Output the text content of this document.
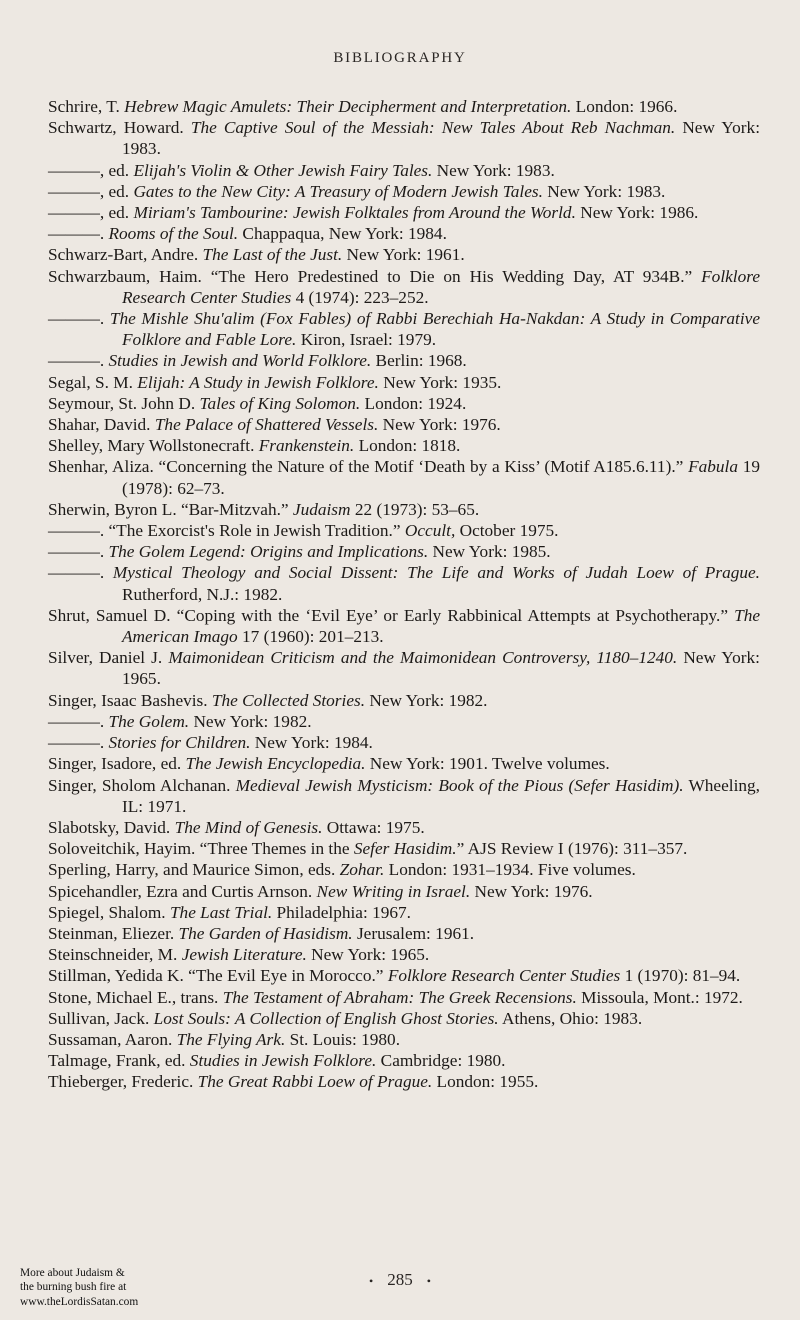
BIBLIOGRAPHY
Schrire, T. Hebrew Magic Amulets: Their Decipherment and Interpretation. London: 1966.
Schwartz, Howard. The Captive Soul of the Messiah: New Tales About Reb Nachman. New York: 1983.
———, ed. Elijah's Violin & Other Jewish Fairy Tales. New York: 1983.
———, ed. Gates to the New City: A Treasury of Modern Jewish Tales. New York: 1983.
———, ed. Miriam's Tambourine: Jewish Folktales from Around the World. New York: 1986.
———. Rooms of the Soul. Chappaqua, New York: 1984.
Schwarz-Bart, Andre. The Last of the Just. New York: 1961.
Schwarzbaum, Haim. “The Hero Predestined to Die on His Wedding Day, AT 934B.” Folklore Research Center Studies 4 (1974): 223–252.
———. The Mishle Shu'alim (Fox Fables) of Rabbi Berechiah Ha-Nakdan: A Study in Comparative Folklore and Fable Lore. Kiron, Israel: 1979.
———. Studies in Jewish and World Folklore. Berlin: 1968.
Segal, S. M. Elijah: A Study in Jewish Folklore. New York: 1935.
Seymour, St. John D. Tales of King Solomon. London: 1924.
Shahar, David. The Palace of Shattered Vessels. New York: 1976.
Shelley, Mary Wollstonecraft. Frankenstein. London: 1818.
Shenhar, Aliza. “Concerning the Nature of the Motif ‘Death by a Kiss’ (Motif A185.6.11).” Fabula 19 (1978): 62–73.
Sherwin, Byron L. “Bar-Mitzvah.” Judaism 22 (1973): 53–65.
———. “The Exorcist's Role in Jewish Tradition.” Occult, October 1975.
———. The Golem Legend: Origins and Implications. New York: 1985.
———. Mystical Theology and Social Dissent: The Life and Works of Judah Loew of Prague. Rutherford, N.J.: 1982.
Shrut, Samuel D. “Coping with the ‘Evil Eye’ or Early Rabbinical Attempts at Psychotherapy.” The American Imago 17 (1960): 201–213.
Silver, Daniel J. Maimonidean Criticism and the Maimonidean Controversy, 1180–1240. New York: 1965.
Singer, Isaac Bashevis. The Collected Stories. New York: 1982.
———. The Golem. New York: 1982.
———. Stories for Children. New York: 1984.
Singer, Isadore, ed. The Jewish Encyclopedia. New York: 1901. Twelve volumes.
Singer, Sholom Alchanan. Medieval Jewish Mysticism: Book of the Pious (Sefer Hasidim). Wheeling, IL: 1971.
Slabotsky, David. The Mind of Genesis. Ottawa: 1975.
Soloveitchik, Hayim. “Three Themes in the Sefer Hasidim.” AJS Review I (1976): 311–357.
Sperling, Harry, and Maurice Simon, eds. Zohar. London: 1931–1934. Five volumes.
Spicehandler, Ezra and Curtis Arnson. New Writing in Israel. New York: 1976.
Spiegel, Shalom. The Last Trial. Philadelphia: 1967.
Steinman, Eliezer. The Garden of Hasidism. Jerusalem: 1961.
Steinschneider, M. Jewish Literature. New York: 1965.
Stillman, Yedida K. “The Evil Eye in Morocco.” Folklore Research Center Studies 1 (1970): 81–94.
Stone, Michael E., trans. The Testament of Abraham: The Greek Recensions. Missoula, Mont.: 1972.
Sullivan, Jack. Lost Souls: A Collection of English Ghost Stories. Athens, Ohio: 1983.
Sussaman, Aaron. The Flying Ark. St. Louis: 1980.
Talmage, Frank, ed. Studies in Jewish Folklore. Cambridge: 1980.
Thieberger, Frederic. The Great Rabbi Loew of Prague. London: 1955.
• 285 •
More about Judaism &
the burning bush fire at
www.theLordisSatan.com
